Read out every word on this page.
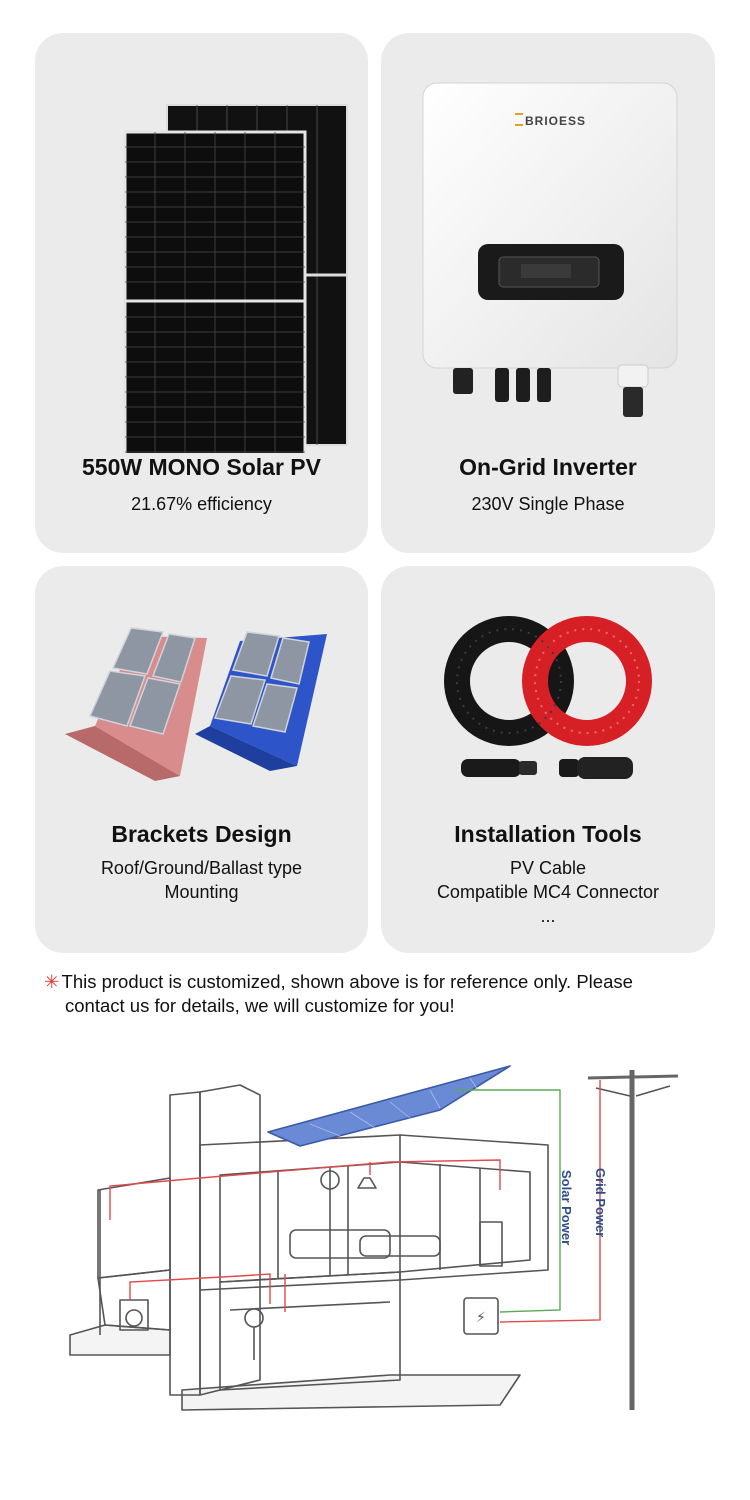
550W MONO Solar PV
21.67% efficiency
BRIOESS
On-Grid Inverter
230V Single Phase
Brackets Design
Roof/Ground/Ballast type
Mounting
Installation Tools
PV Cable
Compatible MC4 Connector
...
✳ This product is customized, shown above is for reference only. Please
contact us for details, we will customize for you!
Solar Power Grid Power
⚡
